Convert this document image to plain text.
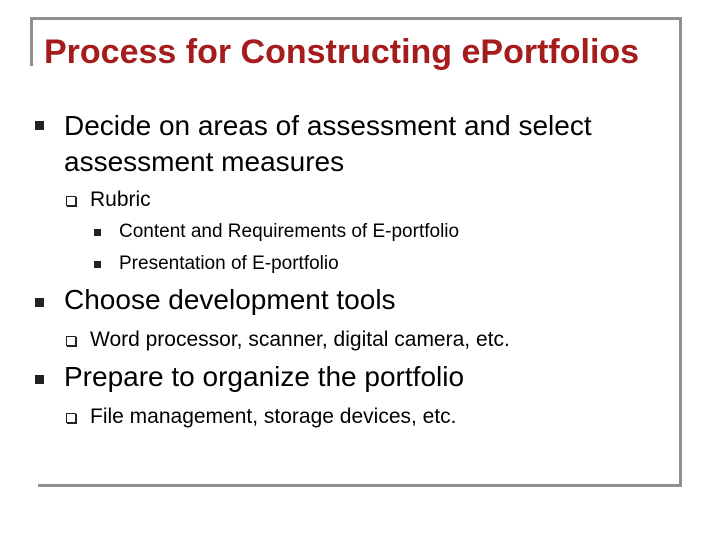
Process for Constructing ePortfolios
Decide on areas of assessment and select assessment measures
Rubric
Content and Requirements of E-portfolio
Presentation of E-portfolio
Choose development tools
Word processor, scanner, digital camera, etc.
Prepare to organize the portfolio
File management, storage devices, etc.
